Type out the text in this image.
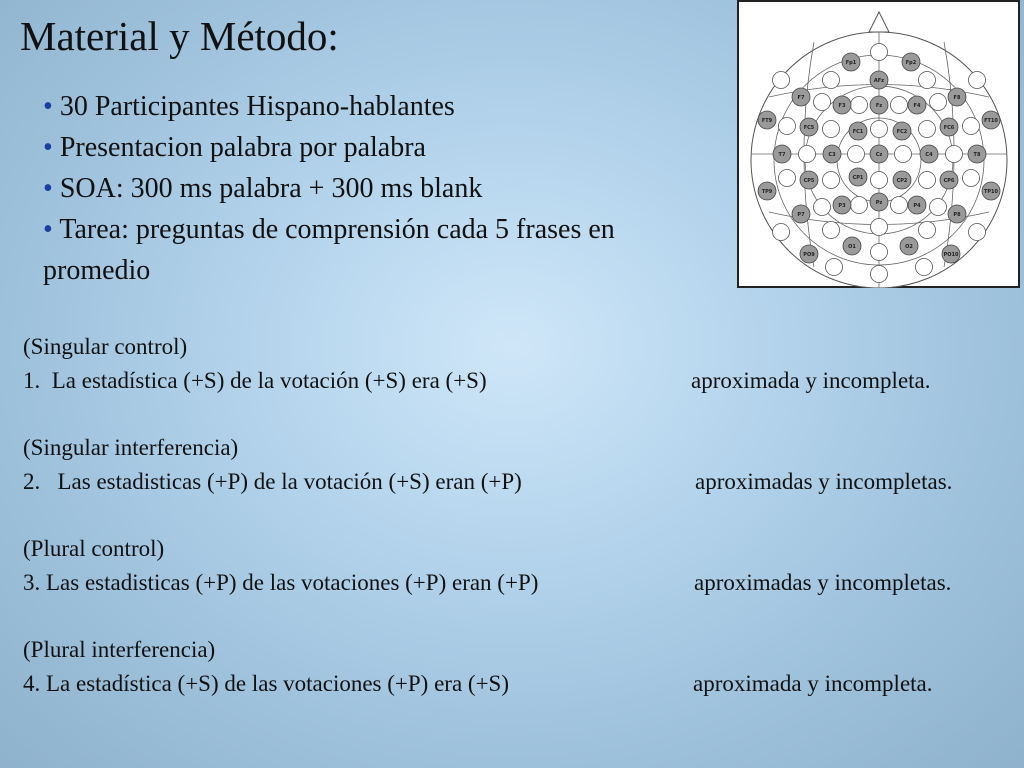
Material y Método:
• 30 Participantes Hispano-hablantes
• Presentacion palabra por palabra
• SOA: 300 ms palabra + 300 ms blank
• Tarea: preguntas de comprensión cada 5 frases en promedio
(Singular control)
1.  La estadística (+S) de la votación (+S) era (+S)	aproximada y incompleta.
(Singular interferencia)
2.   Las estadisticas (+P) de la votación (+S) eran (+P)	aproximadas y incompletas.
(Plural control)
3. Las estadisticas (+P) de las votaciones (+P) eran (+P)	aproximadas y incompletas.
(Plural interferencia)
4. La estadística (+S) de las votaciones (+P) era (+S)	aproximada y incompleta.
Fp1	Fp2
AFz
F7
F3	Fz	F4
F8
FT9
FC5
FC1	FC2
FC6
FT10
T7	C3	Cz	C4	T8
CP5	CP1	CP2	CP6
TP9	TP10
P7
P3	Pz	P4
P8
O1	O2
PO9	PO10
